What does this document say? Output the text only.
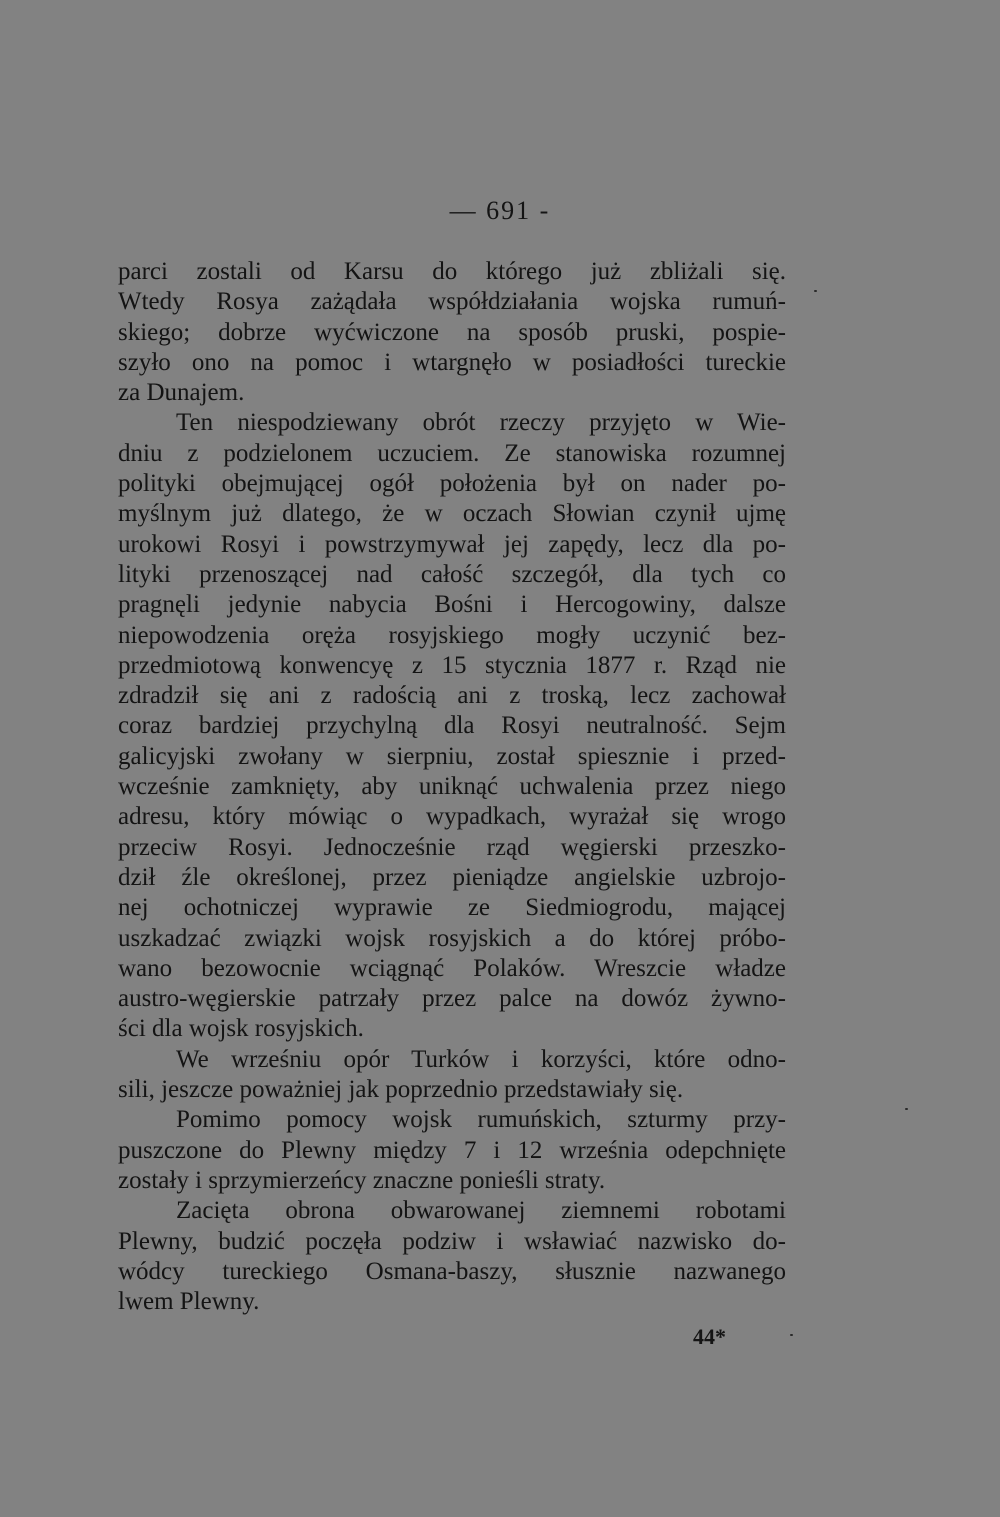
— 691 -
parci zostali od Karsu do którego już zbliżali się.
Wtedy Rosya zażądała współdziałania wojska rumuń-
skiego; dobrze wyćwiczone na sposób pruski, pospie-
szyło ono na pomoc i wtargnęło w posiadłości tureckie
za Dunajem.
Ten niespodziewany obrót rzeczy przyjęto w Wie-
dniu z podzielonem uczuciem. Ze stanowiska rozumnej
polityki obejmującej ogół położenia był on nader po-
myślnym już dlatego, że w oczach Słowian czynił ujmę
urokowi Rosyi i powstrzymywał jej zapędy, lecz dla po-
lityki przenoszącej nad całość szczegół, dla tych co
pragnęli jedynie nabycia Bośni i Hercogowiny, dalsze
niepowodzenia oręża rosyjskiego mogły uczynić bez-
przedmiotową konwencyę z 15 stycznia 1877 r. Rząd nie
zdradził się ani z radością ani z troską, lecz zachował
coraz bardziej przychylną dla Rosyi neutralność. Sejm
galicyjski zwołany w sierpniu, został spiesznie i przed-
wcześnie zamknięty, aby uniknąć uchwalenia przez niego
adresu, który mówiąc o wypadkach, wyrażał się wrogo
przeciw Rosyi. Jednocześnie rząd węgierski przeszko-
dził źle określonej, przez pieniądze angielskie uzbrojo-
nej ochotniczej wyprawie ze Siedmiogrodu, mającej
uszkadzać związki wojsk rosyjskich a do której próbo-
wano bezowocnie wciągnąć Polaków. Wreszcie władze
austro-węgierskie patrzały przez palce na dowóz żywno-
ści dla wojsk rosyjskich.
We wrześniu opór Turków i korzyści, które odno-
sili, jeszcze poważniej jak poprzednio przedstawiały się.
Pomimo pomocy wojsk rumuńskich, szturmy przy-
puszczone do Plewny między 7 i 12 września odepchnięte
zostały i sprzymierzeńcy znaczne ponieśli straty.
Zacięta obrona obwarowanej ziemnemi robotami
Plewny, budzić poczęła podziw i wsławiać nazwisko do-
wódcy tureckiego Osmana-baszy, słusznie nazwanego
lwem Plewny.
44*
